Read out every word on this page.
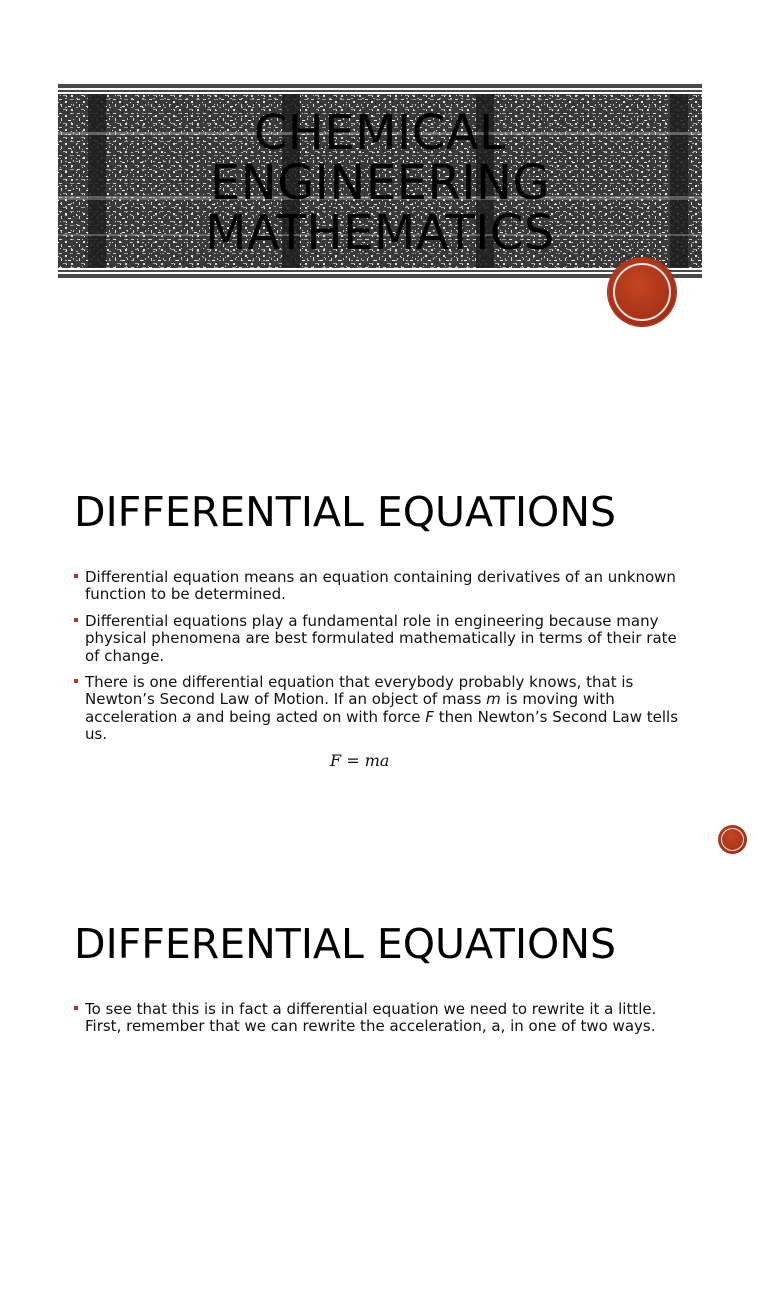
CHEMICAL
ENGINEERING
MATHEMATICS
DIFFERENTIAL EQUATIONS
Differential equation means an equation containing derivatives of an unknown function to be determined.
Differential equations play a fundamental role in engineering because many physical phenomena are best formulated mathematically in terms of their rate of change.
There is one differential equation that everybody probably knows, that is Newton’s Second Law of Motion. If an object of mass m is moving with acceleration a and being acted on with force F then Newton’s Second Law tells us.
F = ma
DIFFERENTIAL EQUATIONS
To see that this is in fact a differential equation we need to rewrite it a little. First, remember that we can rewrite the acceleration, a, in one of two ways.
